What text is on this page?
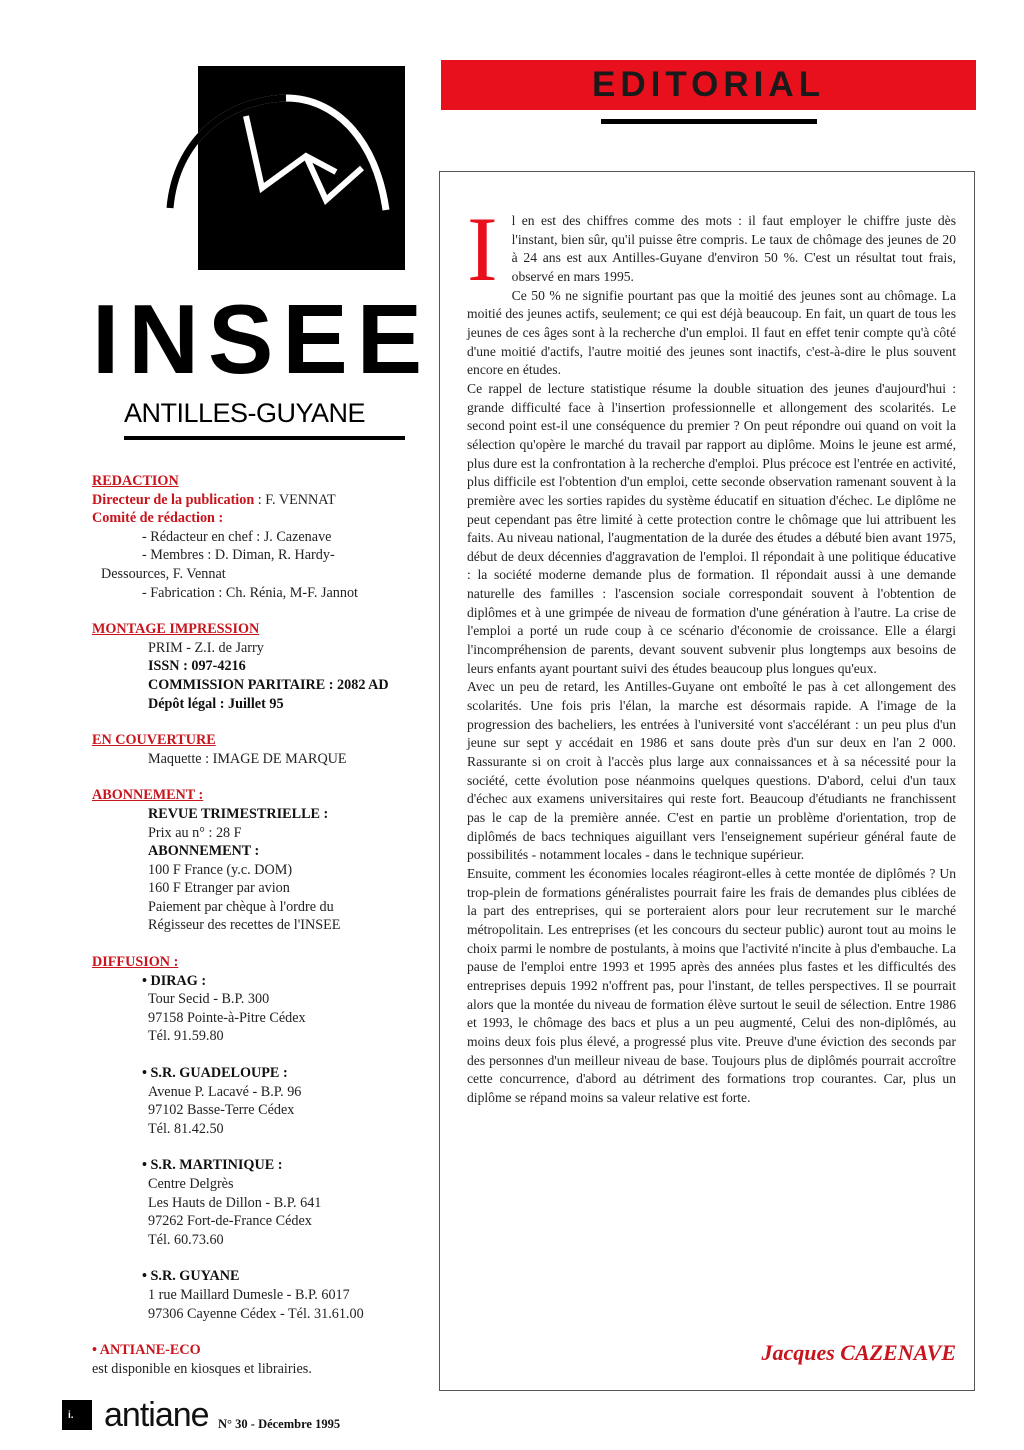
INSEE
ANTILLES-GUYANE
REDACTION
Directeur de la publication : F. VENNAT
Comité de rédaction :
- Rédacteur en chef : J. Cazenave
- Membres : D. Diman, R. Hardy-
Dessources, F. Vennat
- Fabrication : Ch. Rénia, M-F. Jannot
MONTAGE IMPRESSION
PRIM - Z.I. de Jarry
ISSN : 097-4216
COMMISSION PARITAIRE : 2082 AD
Dépôt légal : Juillet 95
EN COUVERTURE
Maquette : IMAGE DE MARQUE
ABONNEMENT :
REVUE TRIMESTRIELLE :
Prix au n° : 28 F
ABONNEMENT :
100 F France (y.c. DOM)
160 F Etranger par avion
Paiement par chèque à l'ordre du
Régisseur des recettes de l'INSEE
DIFFUSION :
• DIRAG :
Tour Secid - B.P. 300
97158 Pointe-à-Pitre Cédex
Tél. 91.59.80
• S.R. GUADELOUPE :
Avenue P. Lacavé - B.P. 96
97102 Basse-Terre Cédex
Tél. 81.42.50
• S.R. MARTINIQUE :
Centre Delgrès
Les Hauts de Dillon - B.P. 641
97262 Fort-de-France Cédex
Tél. 60.73.60
• S.R. GUYANE
1 rue Maillard Dumesle - B.P. 6017
97306 Cayenne Cédex - Tél. 31.61.00
• ANTIANE-ECO
est disponible en kiosques et librairies.
i. antiane N° 30 - Décembre 1995
EDITORIAL
I	l en est des chiffres comme des mots : il faut employer le chiffre juste dès l'instant, bien sûr, qu'il puisse être compris. Le taux de chômage des jeunes de 20 à 24 ans est aux Antilles-Guyane d'environ 50 %. C'est un résultat tout frais, observé en mars 1995.

Ce 50 % ne signifie pourtant pas que la moitié des jeunes sont au chômage. La moitié des jeunes actifs, seulement; ce qui est déjà beaucoup. En fait, un quart de tous les jeunes de ces âges sont à la recherche d'un emploi. Il faut en effet tenir compte qu'à côté d'une moitié d'actifs, l'autre moitié des jeunes sont inactifs, c'est-à-dire le plus souvent encore en études.

Ce rappel de lecture statistique résume la double situation des jeunes d'aujourd'hui : grande difficulté face à l'insertion professionnelle et allongement des scolarités. Le second point est-il une conséquence du premier ? On peut répondre oui quand on voit la sélection qu'opère le marché du travail par rapport au diplôme. Moins le jeune est armé, plus dure est la confrontation à la recherche d'emploi. Plus précoce est l'entrée en activité, plus difficile est l'obtention d'un emploi, cette seconde observation ramenant souvent à la première avec les sorties rapides du système éducatif en situation d'échec. Le diplôme ne peut cependant pas être limité à cette protection contre le chômage que lui attribuent les faits. Au niveau national, l'augmentation de la durée des études a débuté bien avant 1975, début de deux décennies d'aggravation de l'emploi. Il répondait à une politique éducative : la société moderne demande plus de formation. Il répondait aussi à une demande naturelle des familles : l'ascension sociale correspondait souvent à l'obtention de diplômes et à une grimpée de niveau de formation d'une génération à l'autre. La crise de l'emploi a porté un rude coup à ce scénario d'économie de croissance. Elle a élargi l'incompréhension de parents, devant souvent subvenir plus longtemps aux besoins de leurs enfants ayant pourtant suivi des études beaucoup plus longues qu'eux.

Avec un peu de retard, les Antilles-Guyane ont emboîté le pas à cet allongement des scolarités. Une fois pris l'élan, la marche est désormais rapide. A l'image de la progression des bacheliers, les entrées à l'université vont s'accélérant : un peu plus d'un jeune sur sept y accédait en 1986 et sans doute près d'un sur deux en l'an 2 000. Rassurante si on croit à l'accès plus large aux connaissances et à sa nécessité pour la société, cette évolution pose néanmoins quelques questions. D'abord, celui d'un taux d'échec aux examens universitaires qui reste fort. Beaucoup d'étudiants ne franchissent pas le cap de la première année. C'est en partie un problème d'orientation, trop de diplômés de bacs techniques aiguillant vers l'enseignement supérieur général faute de possibilités - notamment locales - dans le technique supérieur.

Ensuite, comment les économies locales réagiront-elles à cette montée de diplômés ? Un trop-plein de formations généralistes pourrait faire les frais de demandes plus ciblées de la part des entreprises, qui se porteraient alors pour leur recrutement sur le marché métropolitain. Les entreprises (et les concours du secteur public) auront tout au moins le choix parmi le nombre de postulants, à moins que l'activité n'incite à plus d'embauche. La pause de l'emploi entre 1993 et 1995 après des années plus fastes et les difficultés des entreprises depuis 1992 n'offrent pas, pour l'instant, de telles perspectives. Il se pourrait alors que la montée du niveau de formation élève surtout le seuil de sélection. Entre 1986 et 1993, le chômage des bacs et plus a un peu augmenté, Celui des non-diplômés, au moins deux fois plus élevé, a progressé plus vite. Preuve d'une éviction des seconds par des personnes d'un meilleur niveau de base. Toujours plus de diplômés pourrait accroître cette concurrence, d'abord au détriment des formations trop courantes. Car, plus un diplôme se répand moins sa valeur relative est forte.

Jacques CAZENAVE
